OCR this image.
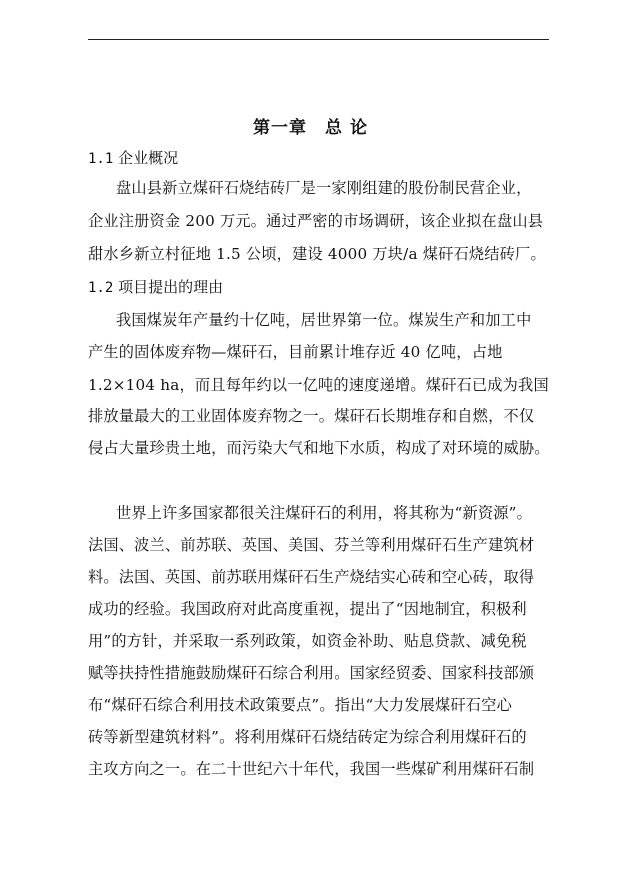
第一章　总 论
1.1 企业概况
盘山县新立煤矸石烧结砖厂是一家刚组建的股份制民营企业，
企业注册资金 200 万元。通过严密的市场调研，该企业拟在盘山县
甜水乡新立村征地 1.5 公顷，建设 4000 万块/a 煤矸石烧结砖厂。
1.2 项目提出的理由
我国煤炭年产量约十亿吨，居世界第一位。煤炭生产和加工中
产生的固体废弃物—煤矸石，目前累计堆存近 40 亿吨，占地
1.2×104 ha，而且每年约以一亿吨的速度递增。煤矸石已成为我国
排放量最大的工业固体废弃物之一。煤矸石长期堆存和自燃，不仅
侵占大量珍贵土地，而污染大气和地下水质，构成了对环境的威胁。
世界上许多国家都很关注煤矸石的利用，将其称为“新资源”。
法国、波兰、前苏联、英国、美国、芬兰等利用煤矸石生产建筑材
料。法国、英国、前苏联用煤矸石生产烧结实心砖和空心砖，取得
成功的经验。我国政府对此高度重视，提出了“因地制宜，积极利
用”的方针，并采取一系列政策，如资金补助、贴息贷款、减免税
赋等扶持性措施鼓励煤矸石综合利用。国家经贸委、国家科技部颁
布“煤矸石综合利用技术政策要点”。指出“大力发展煤矸石空心
砖等新型建筑材料”。将利用煤矸石烧结砖定为综合利用煤矸石的
主攻方向之一。在二十世纪六十年代，我国一些煤矿利用煤矸石制
